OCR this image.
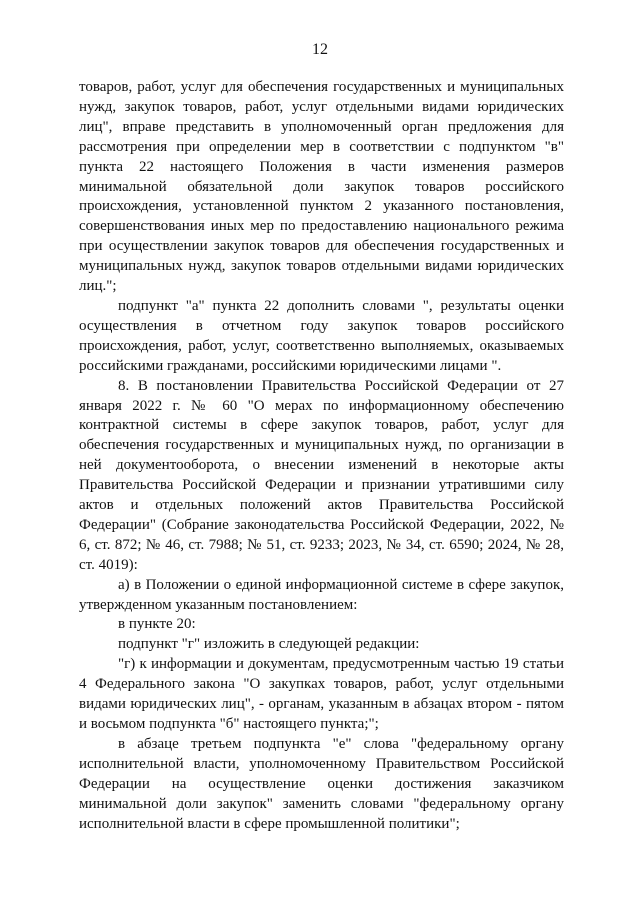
12

товаров, работ, услуг для обеспечения государственных и муниципальных нужд, закупок товаров, работ, услуг отдельными видами юридических лиц", вправе представить в уполномоченный орган предложения для рассмотрения при определении мер в соответствии с подпунктом "в" пункта 22 настоящего Положения в части изменения размеров минимальной обязательной доли закупок товаров российского происхождения, установленной пунктом 2 указанного постановления, совершенствования иных мер по предоставлению национального режима при осуществлении закупок товаров для обеспечения государственных и муниципальных нужд, закупок товаров отдельными видами юридических лиц.";

подпункт "а" пункта 22 дополнить словами ", результаты оценки осуществления в отчетном году закупок товаров российского происхождения, работ, услуг, соответственно выполняемых, оказываемых российскими гражданами, российскими юридическими лицами ".

8. В постановлении Правительства Российской Федерации от 27 января 2022 г. № 60 "О мерах по информационному обеспечению контрактной системы в сфере закупок товаров, работ, услуг для обеспечения государственных и муниципальных нужд, по организации в ней документооборота, о внесении изменений в некоторые акты Правительства Российской Федерации и признании утратившими силу актов и отдельных положений актов Правительства Российской Федерации" (Собрание законодательства Российской Федерации, 2022, № 6, ст. 872; № 46, ст. 7988; № 51, ст. 9233; 2023, № 34, ст. 6590; 2024, № 28, ст. 4019):

а) в Положении о единой информационной системе в сфере закупок, утвержденном указанным постановлением:

в пункте 20:

подпункт "г" изложить в следующей редакции:

"г) к информации и документам, предусмотренным частью 19 статьи 4 Федерального закона "О закупках товаров, работ, услуг отдельными видами юридических лиц", - органам, указанным в абзацах втором - пятом и восьмом подпункта "б" настоящего пункта;";

в абзаце третьем подпункта "е" слова "федеральному органу исполнительной власти, уполномоченному Правительством Российской Федерации на осуществление оценки достижения заказчиком минимальной доли закупок" заменить словами "федеральному органу исполнительной власти в сфере промышленной политики";
